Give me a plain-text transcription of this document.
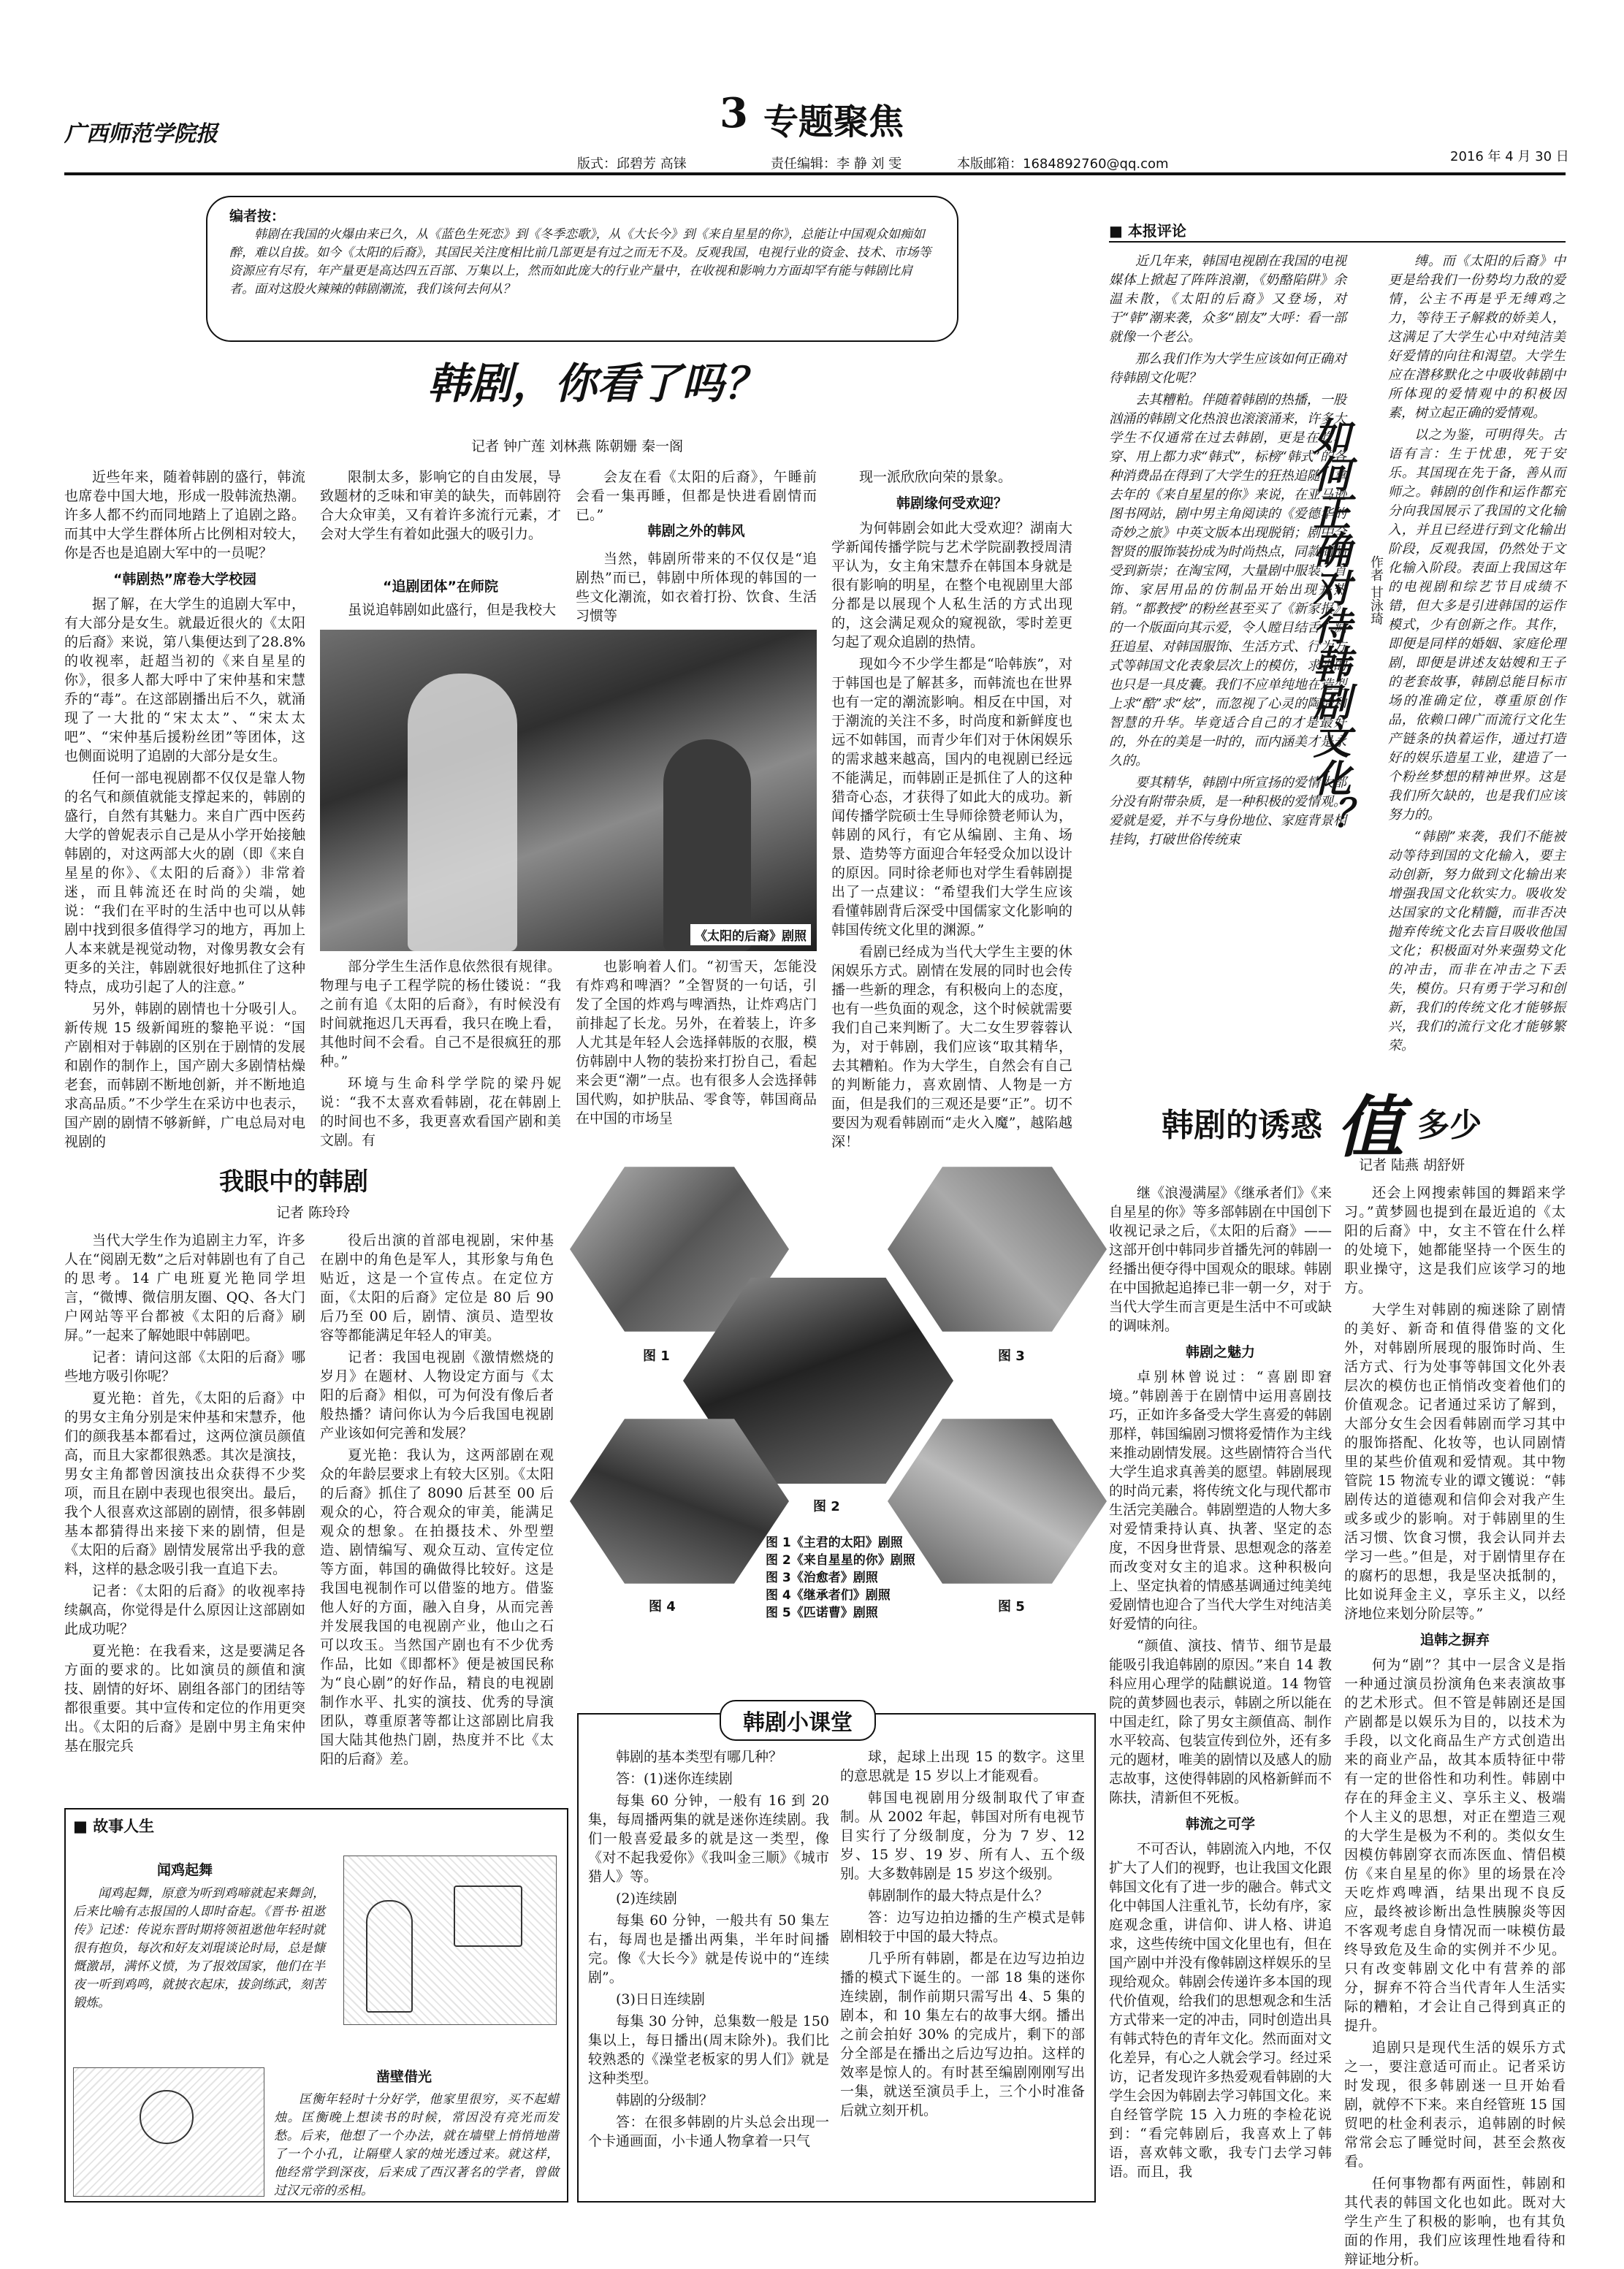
广西师范学院报	3 专题聚焦
版式：邱碧芳 高铼	责任编辑：李 静 刘 雯	本版邮箱：1684892760@qq.com	2016 年 4 月 30 日
编者按：
韩剧在我国的火爆由来已久，从《蓝色生死恋》到《冬季恋歌》，从《大长今》到《来自星星的你》，总能让中国观众如痴如醉，难以自拔。如今《太阳的后裔》，其国民关注度相比前几部更是有过之而无不及。反观我国，电视行业的资金、技术、市场等资源应有尽有，年产量更是高达四五百部、万集以上，然而如此庞大的行业产量中，在收视和影响力方面却罕有能与韩剧比肩者。面对这股火辣辣的韩剧潮流，我们该何去何从？
韩剧，你看了吗？
记者 钟广莲 刘林燕 陈朝姗 秦一阁

近些年来，随着韩剧的盛行，韩流也席卷中国大地，形成一股韩流热潮。许多人都不约而同地踏上了追剧之路。而其中大学生群体所占比例相对较大，你是否也是追剧大军中的一员呢？

“韩剧热”席卷大学校园

据了解，在大学生的追剧大军中，有大部分是女生。就最近很火的《太阳的后裔》来说，第八集便达到了28.8%的收视率，赶超当初的《来自星星的你》，很多人都大呼中了宋仲基和宋慧乔的“毒”。在这部剧播出后不久，就涌现了一大批的“宋太太”、“宋太太吧”、“宋仲基后援粉丝团”等团体，这也侧面说明了追剧的大部分是女生。

任何一部电视剧都不仅仅是靠人物的名气和颜值就能支撑起来的，韩剧的盛行，自然有其魅力。来自广西中医药大学的曾妮表示自己是从小学开始接触韩剧的，对这两部大火的剧（即《来自星星的你》、《太阳的后裔》）非常着迷，而且韩流还在时尚的尖端，她说：“我们在平时的生活中也可以从韩剧中找到很多值得学习的地方，再加上人本来就是视觉动物，对像男教女会有更多的关注，韩剧就很好地抓住了这种特点，成功引起了人的注意。”

另外，韩剧的剧情也十分吸引人。新传规 15 级新闻班的黎艳平说：“国产剧相对于韩剧的区别在于剧情的发展和剧作的制作上，国产剧大多剧情枯燥老套，而韩剧不断地创新，并不断地追求高品质。”不少学生在采访中也表示，国产剧的剧情不够新鲜，广电总局对电视剧的

限制太多，影响它的自由发展，导致题材的乏味和审美的缺失，而韩剧符合大众审美，又有着许多流行元素，才会对大学生有着如此强大的吸引力。

“追剧团体”在师院

虽说追韩剧如此盛行，但是我校大

会友在看《太阳的后裔》，午睡前会看一集再睡，但都是快进看剧情而已。”

韩剧之外的韩风

当然，韩剧所带来的不仅仅是“追剧热”而已，韩剧中所体现的韩国的一些文化潮流，如衣着打扮、饮食、生活习惯等

《太阳的后裔》剧照

部分学生生活作息依然很有规律。物理与电子工程学院的杨仕镂说：“我之前有追《太阳的后裔》，有时候没有时间就拖迟几天再看，我只在晚上看，其他时间不会看。自己不是很疯狂的那种。”

环境与生命科学学院的梁丹妮说：“我不太喜欢看韩剧，花在韩剧上的时间也不多，我更喜欢看国产剧和美文剧。有

也影响着人们。“初雪天，怎能没有炸鸡和啤酒？”全智贤的一句话，引发了全国的炸鸡与啤酒热，让炸鸡店门前排起了长龙。另外，在着装上，许多人尤其是年轻人会选择韩版的衣服，模仿韩剧中人物的装扮来打扮自己，看起来会更“潮”一点。也有很多人会选择韩国代购，如护肤品、零食等，韩国商品在中国的市场呈

现一派欣欣向荣的景象。

韩剧缘何受欢迎？

为何韩剧会如此大受欢迎？湖南大学新闻传播学院与艺术学院副教授周清平认为，女主角宋慧乔在韩国本身就是很有影响的明星，在整个电视剧里大部分都是以展现个人私生活的方式出现的，这会满足观众的窥视欲，零时差更匀起了观众追剧的热情。

现如今不少学生都是“哈韩族”，对于韩国也是了解甚多，而韩流也在世界也有一定的潮流影响。相反在中国，对于潮流的关注不多，时尚度和新鲜度也远不如韩国，而青少年们对于休闲娱乐的需求越来越高，国内的电视剧已经远不能满足，而韩剧正是抓住了人的这种猎奇心态，才获得了如此大的成功。新闻传播学院硕士生导师徐赞老师认为，韩剧的风行，有它从编剧、主角、场景、造势等方面迎合年轻受众加以设计的原因。同时徐老师也对学生看韩剧提出了一点建议：“希望我们大学生应该看懂韩剧背后深受中国儒家文化影响的韩国传统文化里的渊源。”

看剧已经成为当代大学生主要的休闲娱乐方式。剧情在发展的同时也会传播一些新的理念，有积极向上的态度，也有一些负面的观念，这个时候就需要我们自己来判断了。大二女生罗蓉蓉认为，对于韩剧，我们应该“取其精华，去其糟粕。作为大学生，自然会有自己的判断能力，喜欢剧情、人物是一方面，但是我们的三观还是要“正”。切不要因为观看韩剧而“走火入魔”，越陷越深！

■ 本报评论

近几年来，韩国电视剧在我国的电视媒体上掀起了阵阵浪潮，《奶酪陷阱》余温未散，《太阳的后裔》又登场，对于“韩”潮来袭，众多“剧友”大呼：看一部就像一个老公。

那么我们作为大学生应该如何正确对待韩剧文化呢？

去其糟粕。伴随着韩剧的热播，一股汹涌的韩剧文化热浪也滚滚涌来，许多大学生不仅通常在过去韩剧，更是在吃、穿、用上都力求“韩式”，标榜“韩式”的各种消费品在得到了大学生的狂热追随。拿去年的《来自星星的你》来说，在亚马逊图书网站，剧中男主角阅读的《爱德华的奇妙之旅》中英文版本出现脱销；剧中全智贤的服饰装扮成为时尚热点，同款商品受到新崇；在淘宝网，大量剧中服装、首饰、家居用品的仿制品开始出现并热销。“都教授”的粉丝甚至买了《新家报》的一个版面向其示爱，令人瞠目结舌；疯狂追星、对韩国服饰、生活方式、行为方式等韩国文化表象层次上的模仿，求来的也只是一具皮囊。我们不应单纯地在造型上求“酷”求“炫”，而忽视了心灵的陶冶和智慧的升华。毕竟适合自己的才是最好的，外在的美是一时的，而内涵美才是永久的。

要其精华，韩剧中所宣扬的爱情大都分没有附带杂质，是一种积极的爱情观。爱就是爱，并不与身份地位、家庭背景相挂钩，打破世俗传统束

如何正确对待韩剧文化？ 作者 甘泳琦

缚。而《太阳的后裔》中更是给我们一份势均力敌的爱情，公主不再是乎无缚鸡之力，等待王子解救的娇美人，这满足了大学生心中对纯洁美好爱情的向往和渴望。大学生应在潜移默化之中吸收韩剧中所体现的爱情观中的积极因素，树立起正确的爱情观。

以之为鉴，可明得失。古语有言：生于忧患，死于安乐。其国现在先于备，善从而师之。韩剧的创作和运作都充分向我国展示了我国的文化输入，并且已经进行到文化输出阶段，反观我国，仍然处于文化输入阶段。表面上我国这年的电视剧和综艺节目成绩不错，但大多是引进韩国的运作模式，少有创新之作。其作，即便是同样的婚姻、家庭伦理剧，即便是讲述友姑嫂和王子的老套故事，韩剧总能目标市场的准确定位，尊重原创作品，依赖口碑广而流行文化生产链条的执着运作，通过打造好的娱乐造星工业，建造了一个粉丝梦想的精神世界。这是我们所欠缺的，也是我们应该努力的。

“韩剧”来袭，我们不能被动等待到国的文化输入，要主动创新，努力做到文化输出来增强我国文化软实力。吸收发达国家的文化精髓，而非否决抛弃传统文化去盲目吸收他国文化；积极面对外来强势文化的冲击，而非在冲击之下丢失，模仿。只有勇于学习和创新，我们的传统文化才能够振兴，我们的流行文化才能够繁荣。

韩剧的诱惑 值 多少
记者 陆燕 胡舒妍

继《浪漫满屋》《继承者们》《来自星星的你》等多部韩剧在中国创下收视记录之后，《太阳的后裔》——这部开创中韩同步首播先河的韩剧一经播出便夺得中国观众的眼球。韩剧在中国掀起追捧已非一朝一夕，对于当代大学生而言更是生活中不可或缺的调味剂。

韩剧之魅力

卓别林曾说过：“喜剧即窘境。”韩剧善于在剧情中运用喜剧技巧，正如许多备受大学生喜爱的韩剧那样，韩国编剧习惯将爱情作为主线来推动剧情发展。这些剧情符合当代大学生追求真善美的愿望。韩剧展现的时尚元素，将传统文化与现代都市生活完美融合。韩剧塑造的人物大多对爱情秉持认真、执著、坚定的态度，不因身世背景、思想观念的落差而改变对女主的追求。这种积极向上、坚定执着的情感基调通过纯美纯爱剧情也迎合了当代大学生对纯洁美好爱情的向往。

“颜值、演技、情节、细节是最能吸引我追韩剧的原因。”来自 14 教科应用心理学的陆麒说道。14 物管院的黄梦圆也表示，韩剧之所以能在中国走红，除了男女主颜值高、制作水平较高、包装宣传到位外，还有多元的题材，唯美的剧情以及感人的励志故事，这使得韩剧的风格新鲜而不陈扶，清新但不死板。

韩流之可学

不可否认，韩剧流入内地，不仅扩大了人们的视野，也让我国文化跟韩国文化有了进一步的融合。韩式文化中韩国人注重礼节，长幼有序，家庭观念重，讲信仰、讲人格、讲追求，这些传统中国文化里也有，但在国产剧中并没有像韩剧这样娱乐的呈现给观众。韩剧会传递许多本国的现代价值观，给我们的思想观念和生活方式带来一定的冲击，同时创造出具有韩式特色的青年文化。然而面对文化差异，有心之人就会学习。经过采访，记者发现许多热爱观看韩剧的大学生会因为韩剧去学习韩国文化。来自经管学院 15 入力班的李检花说到：“看完韩剧后，我喜欢上了韩语，喜欢韩文歌，我专门去学习韩语。而且，我

还会上网搜索韩国的舞蹈来学习。”黄梦圆也提到在最近追的《太阳的后裔》中，女主不管在什么样的处境下，她都能坚持一个医生的职业操守，这是我们应该学习的地方。

大学生对韩剧的痴迷除了剧情的美好、新奇和值得借鉴的文化外，对韩剧所展现的服饰时尚、生活方式、行为处事等韩国文化外表层次的模仿也正悄悄改变着他们的价值观念。记者通过采访了解到，大部分女生会因看韩剧而学习其中的服饰搭配、化妆等，也认同剧情里的某些价值观和爱情观。其中物管院 15 物流专业的谭文镬说：“韩剧传达的道德观和信仰会对我产生或多或少的影响。对于韩剧里的生活习惯、饮食习惯，我会认同并去学习一些。”但是，对于剧情里存在的腐朽的思想，我是坚决抵制的，比如说拜金主义，享乐主义，以经济地位来划分阶层等。”

追韩之摒弃

何为“剧”？其中一层含义是指一种通过演员扮演角色来表演故事的艺术形式。但不管是韩剧还是国产剧都是以娱乐为目的，以技术为手段，以文化商品生产方式创造出来的商业产品，故其本质特征中带有一定的世俗性和功利性。韩剧中存在的拜金主义、享乐主义、极端个人主义的思想，对正在塑造三观的大学生是极为不利的。类似女生因模仿韩剧穿衣而冻医血、情侣模仿《来自星星的你》里的场景在冷天吃炸鸡啤酒，结果出现不良反应，最终被诊断出急性胰腺炎等因不客观考虑自身情况而一味模仿最终导致危及生命的实例并不少见。只有改变韩剧文化中有营养的部分，摒弃不符合当代青年人生活实际的糟粕，才会让自己得到真正的提升。

追剧只是现代生活的娱乐方式之一，要注意适可而止。记者采访时发现，很多韩剧迷一旦开始看剧，就停不下来。来自经管班 15 国贸吧的杜金利表示，追韩剧的时候常常会忘了睡觉时间，甚至会熬夜看。

任何事物都有两面性，韩剧和其代表的韩国文化也如此。既对大学生产生了积极的影响，也有其负面的作用，我们应该理性地看待和辩证地分析。

我眼中的韩剧
记者 陈玲玲

当代大学生作为追剧主力军，许多人在“阅剧无数”之后对韩剧也有了自己的思考。14 广电班夏光艳同学坦言，“微博、微信朋友圈、QQ、各大门户网站等平台都被《太阳的后裔》刷屏。”一起来了解她眼中韩剧吧。

记者：请问这部《太阳的后裔》哪些地方吸引你呢？

夏光艳：首先，《太阳的后裔》中的男女主角分别是宋仲基和宋慧乔，他们的颜我基本都看过，这两位演员颜值高，而且大家都很熟悉。其次是演技，男女主角都曾因演技出众获得不少奖项，而且在剧中表现也很突出。最后，我个人很喜欢这部剧的剧情，很多韩剧基本都猜得出来接下来的剧情，但是《太阳的后裔》剧情发展常出乎我的意料，这样的悬念吸引我一直追下去。

记者：《太阳的后裔》的收视率持续飙高，你觉得是什么原因让这部剧如此成功呢？

夏光艳：在我看来，这是要满足各方面的要求的。比如演员的颜值和演技、剧情的好坏、剧组各部门的团结等都很重要。其中宣传和定位的作用更突出。《太阳的后裔》是剧中男主角宋仲基在服完兵

役后出演的首部电视剧，宋仲基在剧中的角色是军人，其形象与角色贴近，这是一个宣传点。在定位方面，《太阳的后裔》定位是 80 后 90 后乃至 00 后，剧情、演员、造型妆容等都能满足年轻人的审美。

记者：我国电视剧《激情燃烧的岁月》在题材、人物设定方面与《太阳的后裔》相似，可为何没有像后者般热播？请问你认为今后我国电视剧产业该如何完善和发展？

夏光艳：我认为，这两部剧在观众的年龄层要求上有较大区别。《太阳的后裔》抓住了 8090 后甚至 00 后观众的心，符合观众的审美，能满足观众的想象。在拍摄技术、外型塑造、剧情编写、观众互动、宣传定位等方面，韩国的确做得比较好。这是我国电视制作可以借鉴的地方。借鉴他人好的方面，融入自身，从而完善并发展我国的电视剧产业，他山之石可以攻玉。当然国产剧也有不少优秀作品，比如《即都杯》便是被国民称为“良心剧”的好作品，精良的电视剧制作水平、扎实的演技、优秀的导演团队，尊重原著等都让这部剧比肩我国大陆其他热门剧，热度并不比《太阳的后裔》差。

图 1
图 2
图 3
图 4	图 5
图 1《主君的太阳》剧照
图 2《来自星星的你》剧照
图 3《治愈者》剧照
图 4《继承者们》剧照
图 5《匹诺曹》剧照
■ 故事人生
闻鸡起舞

闻鸡起舞，原意为听到鸡啼就起来舞剑，后来比喻有志报国的人即时奋起。《晋书·祖逖传》记述：传说东晋时期将领祖逖他年轻时就很有抱负，每次和好友刘琨谈论时局，总是慷慨激昂，满怀义愤，为了报效国家，他们在半夜一听到鸡鸣，就披衣起床，拔剑练武，刻苦锻炼。

凿壁借光

匡衡年轻时十分好学，他家里很穷，买不起蜡烛。匡衡晚上想读书的时候，常因没有亮光而发愁。后来，他想了一个办法，就在墙壁上悄悄地凿了一个小孔，让隔壁人家的烛光透过来。就这样，他经常学到深夜，后来成了西汉著名的学者，曾做过汉元帝的丞相。

韩剧小课堂

韩剧的基本类型有哪几种？

答：(1)迷你连续剧

每集 60 分钟，一般有 16 到 20 集，每周播两集的就是迷你连续剧。我们一般喜爱最多的就是这一类型，像《对不起我爱你》《我叫金三顺》《城市猎人》等。

(2)连续剧

每集 60 分钟，一般共有 50 集左右，每周也是播出两集，半年时间播完。像《大长今》就是传说中的“连续剧”。

(3)日日连续剧

每集 30 分钟，总集数一般是 150 集以上，每日播出(周末除外)。我们比较熟悉的《澡堂老板家的男人们》就是这种类型。

韩剧的分级制？

答：在很多韩剧的片头总会出现一个卡通画面，小卡通人物拿着一只气

球，起球上出现 15 的数字。这里的意思就是 15 岁以上才能观看。

韩国电视剧用分级制取代了审查制。从 2002 年起，韩国对所有电视节目实行了分级制度，分为 7 岁、12 岁、15 岁、19 岁、所有人、五个级别。大多数韩剧是 15 岁这个级别。

韩剧制作的最大特点是什么？

答：边写边拍边播的生产模式是韩剧相较于中国的最大特点。

几乎所有韩剧，都是在边写边拍边播的模式下诞生的。一部 18 集的迷你连续剧，制作前期只需写出 4、5 集的剧本，和 10 集左右的故事大纲。播出之前会拍好 30% 的完成片，剩下的部分全部是在播出之后边写边拍。这样的效率是惊人的。有时甚至编剧刚刚写出一集，就送至演员手上，三个小时准备后就立刻开机。
